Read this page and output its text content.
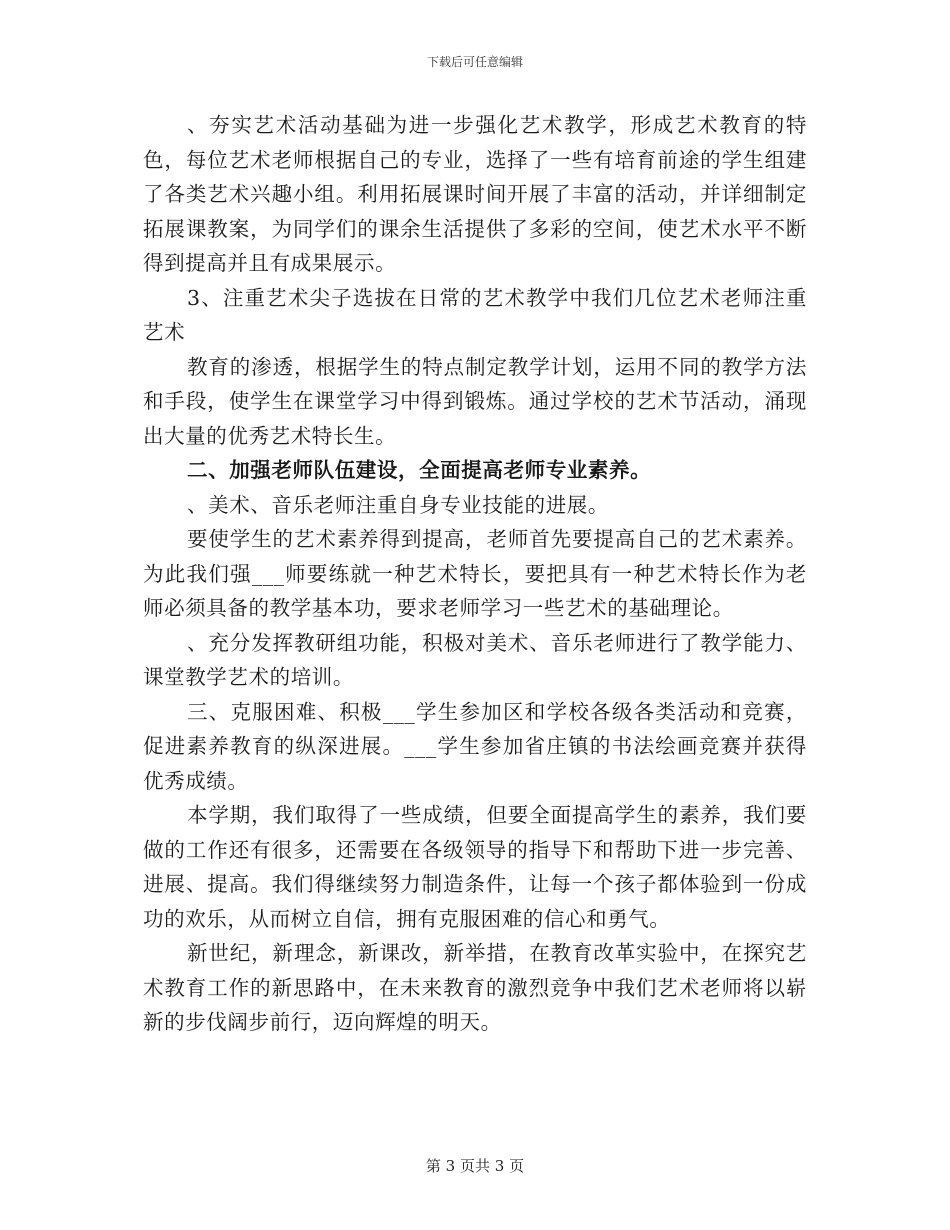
下载后可任意编辑

、夯实艺术活动基础为进一步强化艺术教学，形成艺术教育的特色，每位艺术老师根据自己的专业，选择了一些有培育前途的学生组建了各类艺术兴趣小组。利用拓展课时间开展了丰富的活动，并详细制定拓展课教案，为同学们的课余生活提供了多彩的空间，使艺术水平不断得到提高并且有成果展示。

3、注重艺术尖子选拔在日常的艺术教学中我们几位艺术老师注重艺术

教育的渗透，根据学生的特点制定教学计划，运用不同的教学方法和手段，使学生在课堂学习中得到锻炼。通过学校的艺术节活动，涌现出大量的优秀艺术特长生。

二、加强老师队伍建设，全面提高老师专业素养。

、美术、音乐老师注重自身专业技能的进展。

要使学生的艺术素养得到提高，老师首先要提高自己的艺术素养。为此我们强___师要练就一种艺术特长，要把具有一种艺术特长作为老师必须具备的教学基本功，要求老师学习一些艺术的基础理论。

、充分发挥教研组功能，积极对美术、音乐老师进行了教学能力、课堂教学艺术的培训。

三、克服困难、积极___学生参加区和学校各级各类活动和竞赛，促进素养教育的纵深进展。___学生参加省庄镇的书法绘画竞赛并获得优秀成绩。

本学期，我们取得了一些成绩，但要全面提高学生的素养，我们要做的工作还有很多，还需要在各级领导的指导下和帮助下进一步完善、进展、提高。我们得继续努力制造条件，让每一个孩子都体验到一份成功的欢乐，从而树立自信，拥有克服困难的信心和勇气。

新世纪，新理念，新课改，新举措，在教育改革实验中，在探究艺术教育工作的新思路中，在未来教育的激烈竞争中我们艺术老师将以崭新的步伐阔步前行，迈向辉煌的明天。

第 3 页共 3 页
